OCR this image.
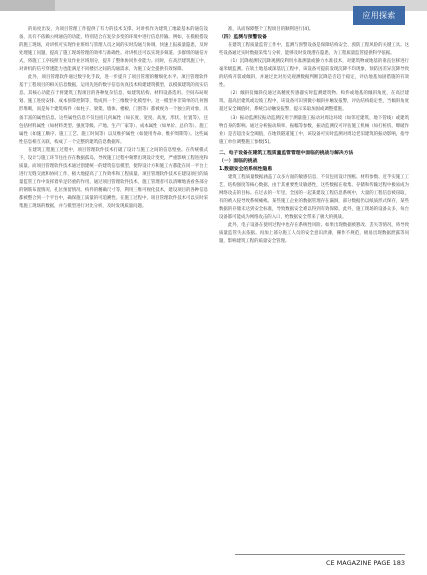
应用探索

的角度出发，为项目管理工作提供了有力的技术支撑。对讲机作为建筑工地最基本的通信设备，具有不依赖公网通信的功能，特别适合在复杂多变的环境中进行信息传输。例如，在模板搭设的施工现场，对讲机可实现作业班组与管理人员之间的实时沟通与协调，快速上报质量隐患，及时处理施工问题，提高了施工现场管理的效率与准确性。对讲机还可以实现多频道、多群组的通信方式，将施工工序按照专业及作业区域划分，提升了整体协同作业能力。同时，在高层建筑施工中，对讲机的信号穿透能力也能满足不同楼层之间的沟通需求，为施工安全提供有效保障。

此外，项目管理软件通过数字化手段，进一步提升了项目管理的精细化水平。项目管理软件基于工程项目的相关信息数据，运用先进的数字信息仿真技术构建建筑模型，以模拟建筑的真实信息。其核心功能在于将建筑工程项目的各种复杂信息，如建筑结构、材料设备选用、空间布局规划、施工进度安排、成本预算控制等，集成到一个三维数字化模型中。这一模型并非简单的几何图形堆砌，而是每个建筑构件（如柱子、梁架、墙体、楼板、门窗等）都被视为一个独立的对象，具备丰富的属性信息。这些属性信息不仅包括几何属性（如长度、宽度、高度、形状、位置等），还包括材料属性（如材料类型、强度等级、产地、生产厂家等）、成本属性（如单价、总价等）、施工属性（如施工顺序、施工工艺、施工时间等）以及维护属性（如使用寿命、维护周期等）。这些属性信息相互关联，构成了一个完整的建筑信息数据库。

在建筑工程施工过程中，项目管理软件技术打破了设计与施工之间的信息壁垒。在传统模式下，设计与施工环节往往存在数据孤岛，导致施工过程中频繁出现设计变更，严重影响工程进度和质量。而项目管理软件技术通过创建统一的建筑信息模型，使得设计方和施工方都能在同一平台上进行无缝交流和协同工作，极大地提高了工作效率和工程质量。项目管理软件技术在建设项目的质量监管工作中发挥着举足轻重的作用，通过项目管理软件技术，施工管理者可以清晰地查看各部分的钢筋布置情况、孔位预留情况、构件的精确尺寸等，利用三维可视化技术，建设项目的各种信息都被整合到一个平台中，确保施工质量的可追溯性。在施工过程中，项目管理软件技术可以实时采集施工现场的数据，并与模型进行对比分析，及时发现质量问题。

准，从而保障整个工程项目的顺利进行[4]。

（四）监测与预警设备

在建筑工程质量监管工作中，监测与预警设备是保障结构安全、预防工程风险的关键工具。这些设备通过实时数据采集与分析，能够及时发现潜在隐患，为工程质量监管提供科学依据。

（1）沉降观测仪沉降观测仪利用水准测量或静力水准技术，对建筑物或地基的垂直位移进行毫米级监测。在软土地基或深基坑工程中，该设备可提前发现沉降不均现象，预防因差异沉降导致的结构开裂或倾斜，并通过比对历史观测数据判断沉降是否趋于稳定，评估地基加固措施的有效性。

（2）倾斜仪倾斜仪通过高精度传感器实时监测建筑物、构件或地基的倾斜角度，在高层建筑、超高层建筑或边坡工程中，该设备可识别微小倾斜并触发报警，评估结构稳定性，当倾斜角度超过安全阈值时，系统自动触发报警，提示采取加固或调整措施。

（3）振动监测仪振动监测仪用于测量施工振动对周边环境（如邻近建筑、地下管线）或建筑物自身的影响。通过分析振动频率、振幅等参数，振动监测仪可评估施工机械（如打桩机、爆破作业）是否超出安全阈值，在地铁隧道施工中，该设备可实时监测对周边老旧建筑的振动影响，指导施工单位调整施工参数[5]。

二、电子设备在建筑工程质量监管管理中面临的挑战与解决方法

（一）面临的挑战

1.数据安全的系统性隐患

建筑工程质量数据涵盖了众多方面的敏感信息，不仅包括设计图纸、材料参数、近乎实施工工艺，结构强度等核心数据，由于其重要性及敏感性，这些数据在收集、存储和传输过程中极易成为网络攻击的目标。在过去的一年里，全国的一起某建设工程信息系统中，大量的工程信息被窃取，有的被入侵导致系统瘫痪。某些施工企业的数据管理存在漏洞，部分数据仍以纸质形式保存，某些数据的存储未达到安全标准，导致数据安全难以得到有效保障。此外，施工现场的设备众多，每台设备都可能成为网络攻击的入口，给数据安全带来了极大的挑战。

此外，电子设备在使用过程中也存在系统性风险。如果出现数据被篡改、丢失等情况，将导致质量监管失去依据。再加上部分施工人员的安全意识淡薄，操作不规范，极易出现数据泄露等问题，影响建筑工程的质量安全管理。

CE MAGAZINE PAGE 183
